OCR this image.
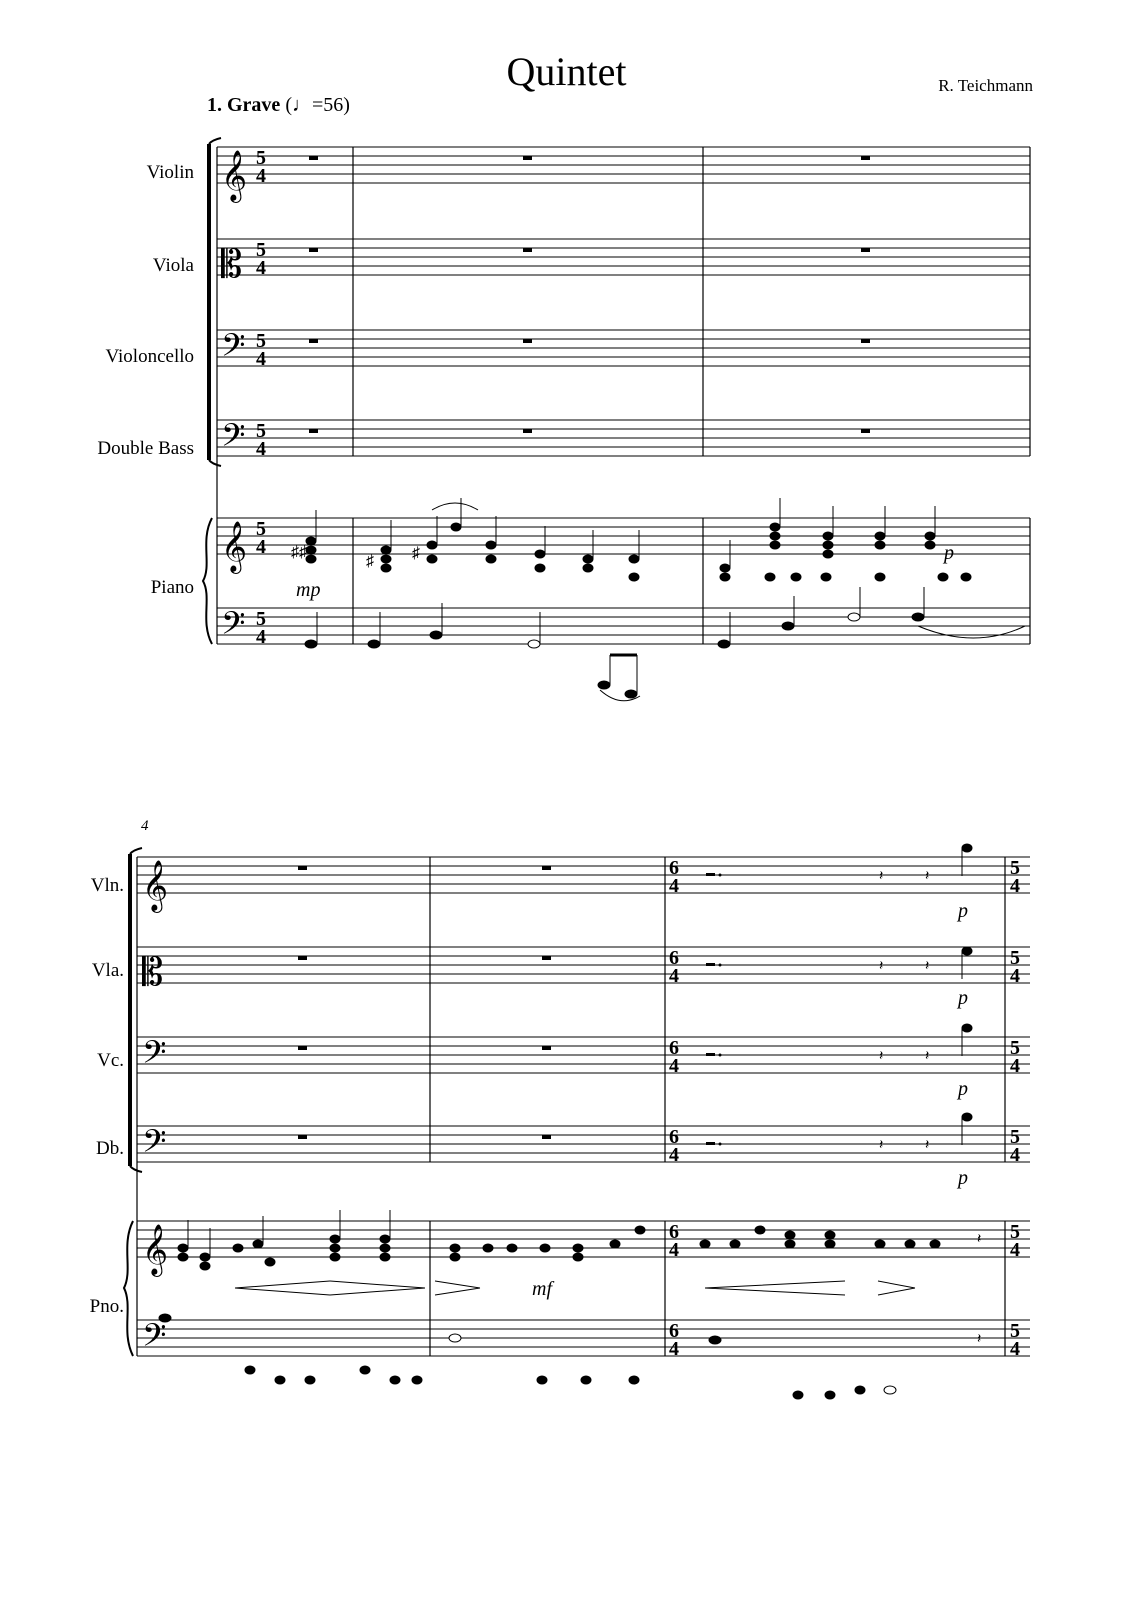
Quintet	R. Teichmann
1. Grave (♩=56)
Violin
Viola
Violoncello
Double Bass
Piano
4
Vln.
Vla.
Vc.
Db.
Pno.
𝄞
𝄡
𝄢
𝄢
𝄞
𝄢
5
4
5
4
5
4
5
4
5
4
5
4
♯♯
♯ ♯
mp
p
𝄽	𝄽
𝄽	𝄽
𝄽	𝄽
𝄽	𝄽
𝄽
𝄽
𝄞
𝄡
𝄢
𝄢
𝄞
𝄢
6
6
4
6
4
6
4
6
4
6
4
4
5
4
5
4
5
4
5
4
5
4
5
4
p
p
p
p
mf
